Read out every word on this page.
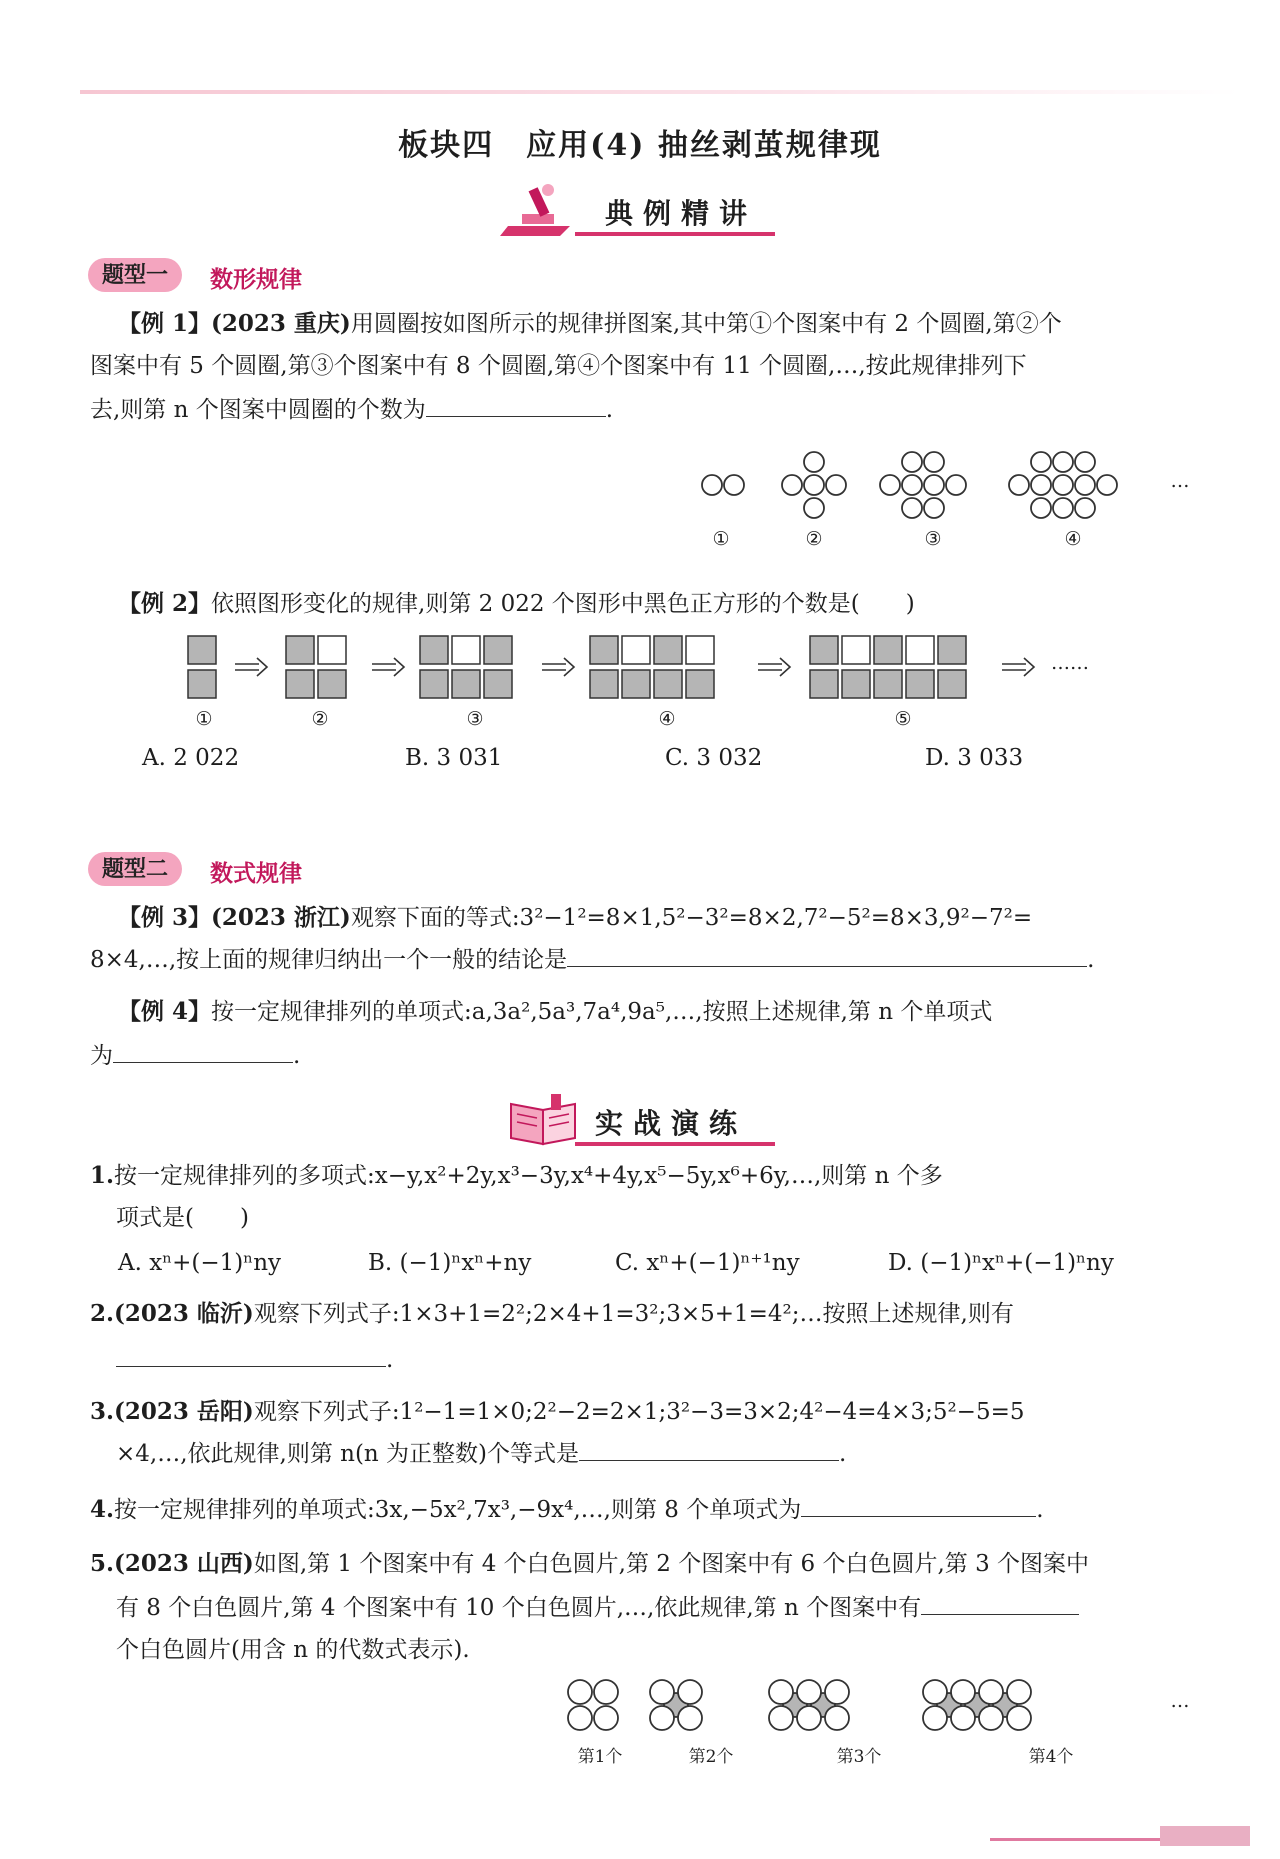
板块四　应用(4) 抽丝剥茧规律现
典例精讲
题型一	数形规律
【例 1】(2023 重庆)用圆圈按如图所示的规律拼图案,其中第①个图案中有 2 个圆圈,第②个
图案中有 5 个圆圈,第③个图案中有 8 个圆圈,第④个图案中有 11 个圆圈,…,按此规律排列下
去,则第 n 个图案中圆圈的个数为	.
①	②	③	④
…
【例 2】依照图形变化的规律,则第 2 022 个图形中黑色正方形的个数是(　　)
……
①	②	③	④	⑤
A. 2 022	B. 3 031	C. 3 032	D. 3 033
题型二	数式规律
【例 3】(2023 浙江)观察下面的等式:3²−1²=8×1,5²−3²=8×2,7²−5²=8×3,9²−7²=
8×4,…,按上面的规律归纳出一个一般的结论是	.
【例 4】按一定规律排列的单项式:a,3a²,5a³,7a⁴,9a⁵,…,按照上述规律,第 n 个单项式
为	.
实战演练
1.按一定规律排列的多项式:x−y,x²+2y,x³−3y,x⁴+4y,x⁵−5y,x⁶+6y,…,则第 n 个多
项式是(　　)
A. xⁿ+(−1)ⁿny	B. (−1)ⁿxⁿ+ny	C. xⁿ+(−1)ⁿ⁺¹ny	D. (−1)ⁿxⁿ+(−1)ⁿny
2.(2023 临沂)观察下列式子:1×3+1=2²;2×4+1=3²;3×5+1=4²;…按照上述规律,则有
.
3.(2023 岳阳)观察下列式子:1²−1=1×0;2²−2=2×1;3²−3=3×2;4²−4=4×3;5²−5=5
×4,…,依此规律,则第 n(n 为正整数)个等式是	.
4.按一定规律排列的单项式:3x,−5x²,7x³,−9x⁴,…,则第 8 个单项式为	.
5.(2023 山西)如图,第 1 个图案中有 4 个白色圆片,第 2 个图案中有 6 个白色圆片,第 3 个图案中
有 8 个白色圆片,第 4 个图案中有 10 个白色圆片,…,依此规律,第 n 个图案中有
个白色圆片(用含 n 的代数式表示).
第1个	第2个	第3个	第4个
…
